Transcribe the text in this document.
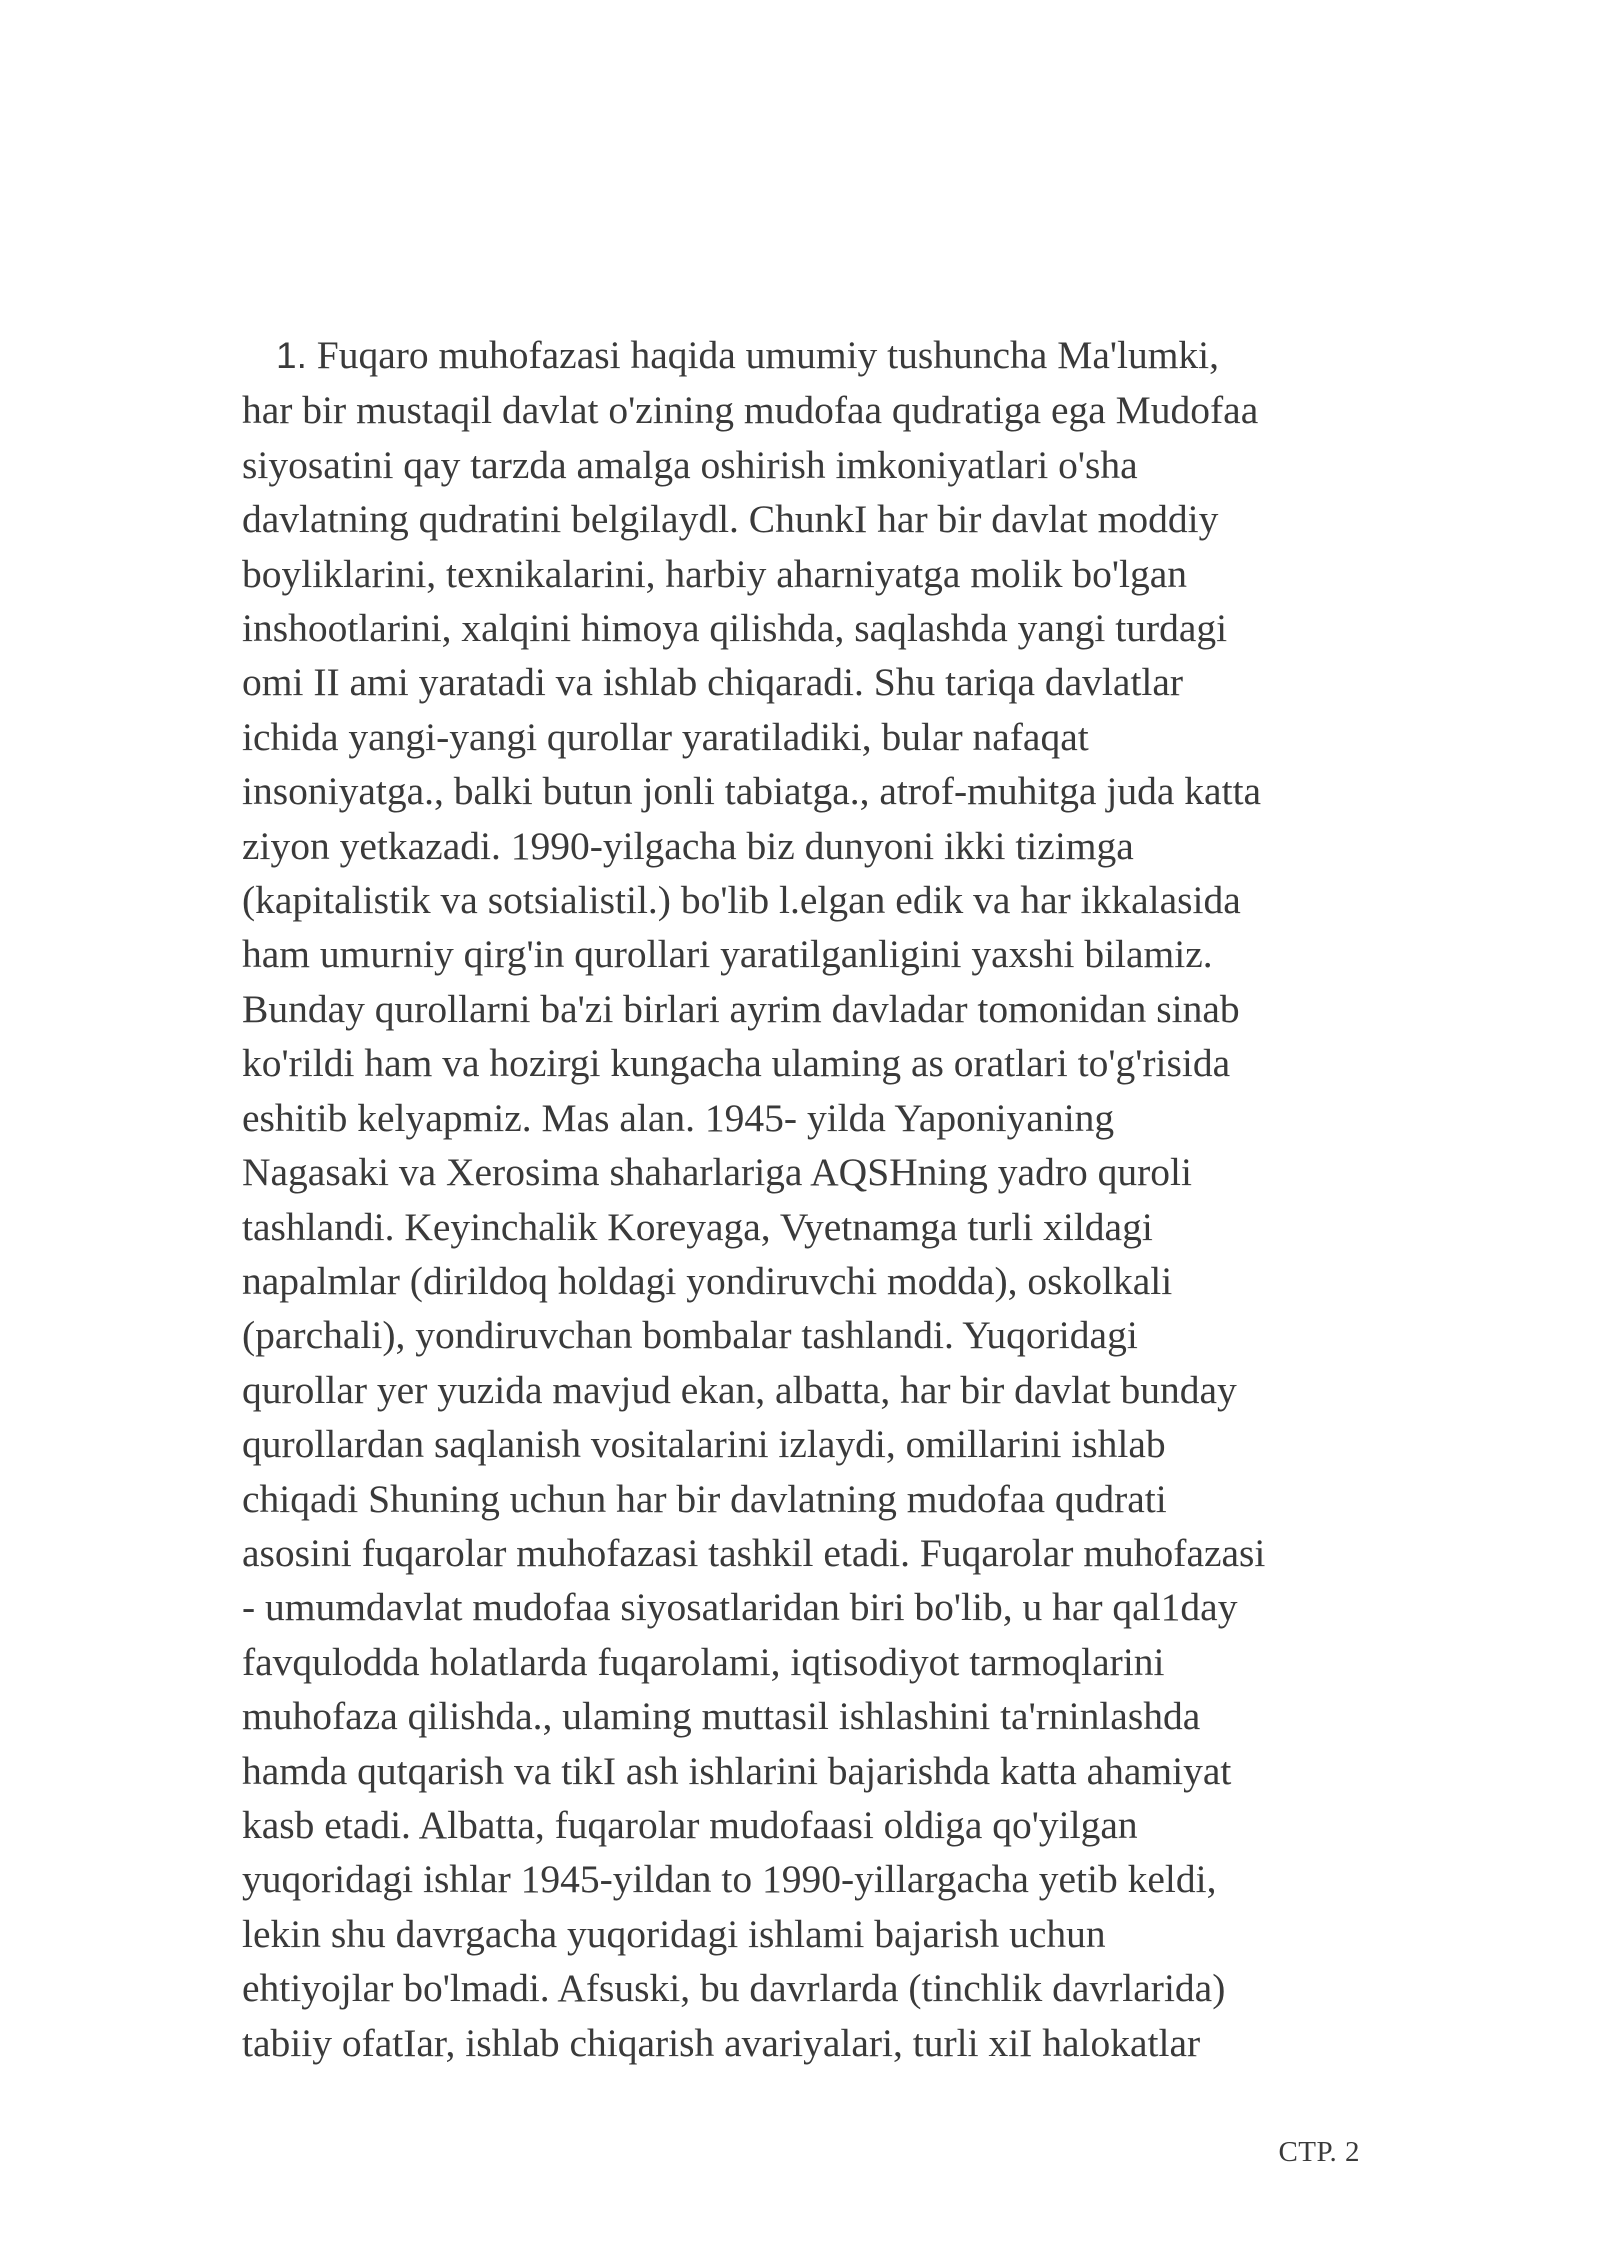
1. Fuqaro muhofazasi haqida umumiy tushuncha Ma'lumki,
har bir mustaqil davlat o'zining mudofaa qudratiga ega Mudofaa
siyosatini qay tarzda amalga oshirish imkoniyatlari o'sha
davlatning qudratini belgilaydl. ChunkI har bir davlat moddiy
boyliklarini, texnikalarini, harbiy aharniyatga molik bo'lgan
inshootlarini, xalqini himoya qilishda, saqlashda yangi turdagi
omi II ami yaratadi va ishlab chiqaradi. Shu tariqa davlatlar
ichida yangi-yangi qurollar yaratiladiki, bular nafaqat
insoniyatga., balki butun jonli tabiatga., atrof-muhitga juda katta
ziyon yetkazadi. 1990-yilgacha biz dunyoni ikki tizimga
(kapitalistik va sotsialistil.) bo'lib l.elgan edik va har ikkalasida
ham umurniy qirg'in qurollari yaratilganligini yaxshi bilamiz.
Bunday qurollarni ba'zi birlari ayrim davladar tomonidan sinab
ko'rildi ham va hozirgi kungacha ulaming as oratlari to'g'risida
eshitib kelyapmiz. Mas alan. 1945- yilda Yaponiyaning
Nagasaki va Xerosima shaharlariga AQSHning yadro quroli
tashlandi. Keyinchalik Koreyaga, Vyetnamga turli xildagi
napalmlar (dirildoq holdagi yondiruvchi modda), oskolkali
(parchali), yondiruvchan bombalar tashlandi. Yuqoridagi
qurollar yer yuzida mavjud ekan, albatta, har bir davlat bunday
qurollardan saqlanish vositalarini izlaydi, omillarini ishlab
chiqadi Shuning uchun har bir davlatning mudofaa qudrati
asosini fuqarolar muhofazasi tashkil etadi. Fuqarolar muhofazasi
- umumdavlat mudofaa siyosatlaridan biri bo'lib, u har qal1day
favqulodda holatlarda fuqarolami, iqtisodiyot tarmoqlarini
muhofaza qilishda., ulaming muttasil ishlashini ta'rninlashda
hamda qutqarish va tikI ash ishlarini bajarishda katta ahamiyat
kasb etadi. Albatta, fuqarolar mudofaasi oldiga qo'yilgan
yuqoridagi ishlar 1945-yildan to 1990-yillargacha yetib keldi,
lekin shu davrgacha yuqoridagi ishlami bajarish uchun
ehtiyojlar bo'lmadi. Afsuski, bu davrlarda (tinchlik davrlarida)
tabiiy ofatIar, ishlab chiqarish avariyalari, turli xiI halokatlar
СТР. 2
